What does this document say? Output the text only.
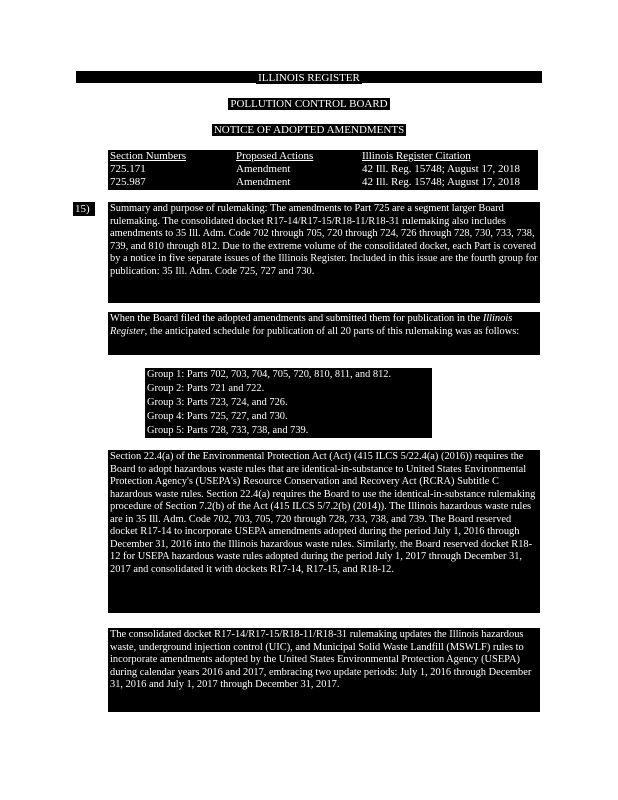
ILLINOIS REGISTER
POLLUTION CONTROL BOARD
NOTICE OF ADOPTED AMENDMENTS
Section Numbers
725.171
725.987
Proposed Actions
Amendment
Amendment
Illinois Register Citation
42 Ill. Reg. 15748; August 17, 2018
42 Ill. Reg. 15748; August 17, 2018
15)	Summary and purpose of rulemaking: The amendments to Part 725 are a segment larger Board rulemaking. The consolidated docket R17-14/R17-15/R18-11/R18-31 rulemaking also includes amendments to 35 Ill. Adm. Code 702 through 705, 720 through 724, 726 through 728, 730, 733, 738, 739, and 810 through 812. Due to the extreme volume of the consolidated docket, each Part is covered by a notice in five separate issues of the Illinois Register. Included in this issue are the fourth group for publication: 35 Ill. Adm. Code 725, 727 and 730.
When the Board filed the adopted amendments and submitted them for publication in the Illinois Register, the anticipated schedule for publication of all 20 parts of this rulemaking was as follows:
Group 1: Parts 702, 703, 704, 705, 720, 810, 811, and 812.
Group 2: Parts 721 and 722.
Group 3: Parts 723, 724, and 726.
Group 4: Parts 725, 727, and 730.
Group 5: Parts 728, 733, 738, and 739.
Section 22.4(a) of the Environmental Protection Act (Act) (415 ILCS 5/22.4(a) (2016)) requires the Board to adopt hazardous waste rules that are identical-in-substance to United States Environmental Protection Agency's (USEPA's) Resource Conservation and Recovery Act (RCRA) Subtitle C hazardous waste rules. Section 22.4(a) requires the Board to use the identical-in-substance rulemaking procedure of Section 7.2(b) of the Act (415 ILCS 5/7.2(b) (2014)). The Illinois hazardous waste rules are in 35 Ill. Adm. Code 702, 703, 705, 720 through 728, 733, 738, and 739. The Board reserved docket R17-14 to incorporate USEPA amendments adopted during the period July 1, 2016 through December 31, 2016 into the Illinois hazardous waste rules. Similarly, the Board reserved docket R18-12 for USEPA hazardous waste rules adopted during the period July 1, 2017 through December 31, 2017 and consolidated it with dockets R17-14, R17-15, and R18-12.
The consolidated docket R17-14/R17-15/R18-11/R18-31 rulemaking updates the Illinois hazardous waste, underground injection control (UIC), and Municipal Solid Waste Landfill (MSWLF) rules to incorporate amendments adopted by the United States Environmental Protection Agency (USEPA) during calendar years 2016 and 2017, embracing two update periods: July 1, 2016 through December 31, 2016 and July 1, 2017 through December 31, 2017.
